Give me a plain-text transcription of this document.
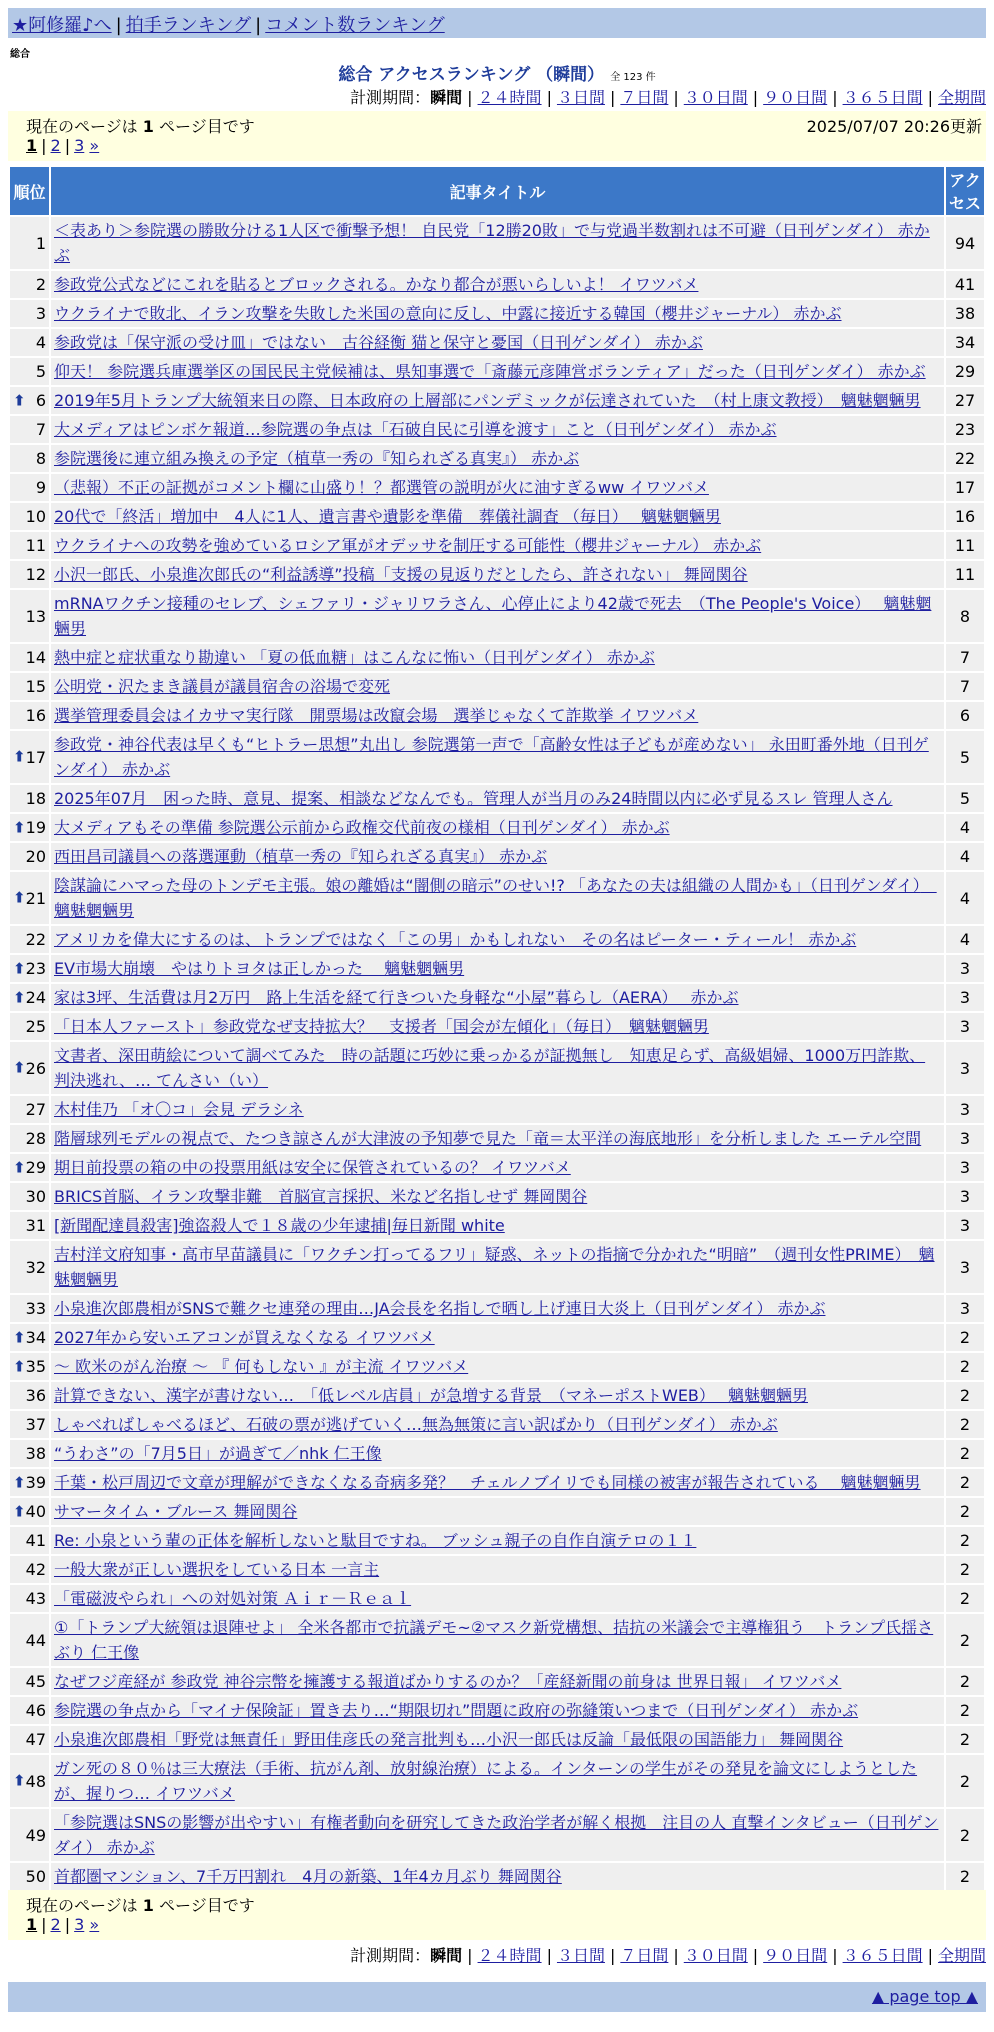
★阿修羅♪へ | 拍手ランキング | コメント数ランキング
総合
総合 アクセスランキング （瞬間） 全 123 件
計測期間：瞬間 | ２４時間 | ３日間 | ７日間 | ３０日間 | ９０日間 | ３６５日間 | 全期間
現在のページは 1 ページ目です	2025/07/07 20:26更新
1 | 2 | 3 »
順位	記事タイトル	アクセス
1	＜表あり＞参院選の勝敗分ける1人区で衝撃予想！ 自民党「12勝20敗」で与党過半数割れは不可避（日刊ゲンダイ） 赤かぶ	94
2	参政党公式などにこれを貼るとブロックされる。かなり都合が悪いらしいよ！ イワツバメ	41
3	ウクライナで敗北、イラン攻撃を失敗した米国の意向に反し、中露に接近する韓国（櫻井ジャーナル） 赤かぶ	38
4	参政党は「保守派の受け皿」ではない　古谷経衡 猫と保守と憂国（日刊ゲンダイ） 赤かぶ	34
5	仰天！ 参院選兵庫選挙区の国民民主党候補は、県知事選で「斎藤元彦陣営ボランティア」だった（日刊ゲンダイ） 赤かぶ	29

⬆ 6	2019年5月トランプ大統領来日の際、日本政府の上層部にパンデミックが伝達されていた　（村上康文教授）　魑魅魍魎男	27
7	大メディアはピンボケ報道…参院選の争点は「石破自民に引導を渡す」こと（日刊ゲンダイ） 赤かぶ	23
8	参院選後に連立組み換えの予定（植草一秀の『知られざる真実』） 赤かぶ	22
9	（悲報）不正の証拠がコメント欄に山盛り！？都選管の説明が火に油すぎるww イワツバメ	17
10	20代で「終活」増加中　4人に1人、遺言書や遺影を準備　葬儀社調査 （毎日）　 魑魅魍魎男	16
11	ウクライナへの攻勢を強めているロシア軍がオデッサを制圧する可能性（櫻井ジャーナル） 赤かぶ	11
12	小沢一郎氏、小泉進次郎氏の“利益誘導”投稿「支援の見返りだとしたら、許されない」 舞岡関谷	11
13	mRNAワクチン接種のセレブ、シェファリ・ジャリワラさん、心停止により42歳で死去　（The People's Voice）　 魑魅魍魎男	8
14	熱中症と症状重なり勘違い 「夏の低血糖」はこんなに怖い（日刊ゲンダイ） 赤かぶ	7
15	公明党・沢たまき議員が議員宿舎の浴場で変死	7
16	選挙管理委員会はイカサマ実行隊　開票場は改竄会場　選挙じゃなくて詐欺挙 イワツバメ	6

⬆ 17	参政党・神谷代表は早くも“ヒトラー思想”丸出し 参院選第一声で「高齢女性は子どもが産めない」 永田町番外地（日刊ゲンダイ） 赤かぶ	5
18	2025年07月　困った時、意見、提案、相談などなんでも。管理人が当月のみ24時間以内に必ず見るスレ 管理人さん	5

⬆ 19	大メディアもその準備 参院選公示前から政権交代前夜の様相（日刊ゲンダイ） 赤かぶ	4
20	西田昌司議員への落選運動（植草一秀の『知られざる真実』） 赤かぶ	4

⬆ 21	陰謀論にハマった母のトンデモ主張。娘の離婚は“闇側の暗示”のせい!? 「あなたの夫は組織の人間かも」（日刊ゲンダイ）　魑魅魍魎男	4
22	アメリカを偉大にするのは、トランプではなく「この男」かもしれない　その名はピーター・ティール！ 赤かぶ	4

⬆ 23	EV市場大崩壊　やはりトヨタは正しかった　 魑魅魍魎男	3

⬆ 24	家は3坪、生活費は月2万円　路上生活を経て行きついた身軽な“小屋”暮らし（AERA）　 赤かぶ	3
25	「日本人ファースト」参政党なぜ支持拡大？　支援者「国会が左傾化」（毎日）　魑魅魍魎男	3

⬆ 26	文書者、深田萌絵について調べてみた　時の話題に巧妙に乗っかるが証拠無し　知恵足らず、高級娼婦、1000万円詐欺、判決逃れ、… てんさい（い）	3
27	木村佳乃 「オ〇コ」会見 デラシネ	3
28	階層球列モデルの視点で、たつき諒さんが大津波の予知夢で見た「竜＝太平洋の海底地形」を分析しました エーテル空間	3

⬆ 29	期日前投票の箱の中の投票用紙は安全に保管されているの？ イワツバメ	3
30	BRICS首脳、イラン攻撃非難　首脳宣言採択、米など名指しせず 舞岡関谷	3
31	[新聞配達員殺害]強盗殺人で１８歳の少年逮捕|毎日新聞 white	3
32	吉村洋文府知事・高市早苗議員に「ワクチン打ってるフリ」疑惑、ネットの指摘で分かれた“明暗”　（週刊女性PRIME）　魑魅魍魎男	3
33	小泉進次郎農相がSNSで難クセ連発の理由…JA会長を名指しで晒し上げ連日大炎上（日刊ゲンダイ） 赤かぶ	3

⬆ 34	2027年から安いエアコンが買えなくなる イワツバメ	2

⬆ 35	～ 欧米のがん治療 ～ 『 何もしない 』が主流 イワツバメ	2
36	計算できない、漢字が書けない…　「低レベル店員」が急増する背景　（マネーポストWEB）　 魑魅魍魎男	2
37	しゃべればしゃべるほど、石破の票が逃げていく…無為無策に言い訳ばかり（日刊ゲンダイ） 赤かぶ	2
38	“うわさ”の「7月5日」が過ぎて／nhk 仁王像	2

⬆ 39	千葉・松戸周辺で文章が理解ができなくなる奇病多発？　チェルノブイリでも同様の被害が報告されている　 魑魅魍魎男	2

⬆ 40	サマータイム・ブルース 舞岡関谷	2
41	Re: 小泉という輩の正体を解析しないと駄目ですね。 ブッシュ親子の自作自演テロの１１	2
42	一般大衆が正しい選択をしている日本 一言主	2
43	「電磁波やられ」への対処対策 Ａｉｒ－Ｒｅａｌ	2
44	①「トランプ大統領は退陣せよ」 全米各都市で抗議デモ~②マスク新党構想、拮抗の米議会で主導権狙う　トランプ氏揺さぶり 仁王像	2
45	なぜフジ産経が 参政党 神谷宗幣を擁護する報道ばかりするのか？「産経新聞の前身は 世界日報」 イワツバメ	2
46	参院選の争点から「マイナ保険証」置き去り…“期限切れ”問題に政府の弥縫策いつまで（日刊ゲンダイ） 赤かぶ	2
47	小泉進次郎農相「野党は無責任」野田佳彦氏の発言批判も…小沢一郎氏は反論「最低限の国語能力」 舞岡関谷	2

⬆ 48	ガン死の８０％は三大療法（手術、抗がん剤、放射線治療）による。インターンの学生がその発見を論文にしようとしたが、握りつ… イワツバメ	2
49	「参院選はSNSの影響が出やすい」有権者動向を研究してきた政治学者が解く根拠　注目の人 直撃インタビュー（日刊ゲンダイ） 赤かぶ	2
50	首都圏マンション、7千万円割れ　4月の新築、1年4カ月ぶり 舞岡関谷	2
現在のページは 1 ページ目です
1 | 2 | 3 »
計測期間：瞬間 | ２４時間 | ３日間 | ７日間 | ３０日間 | ９０日間 | ３６５日間 | 全期間
▲ page top ▲
